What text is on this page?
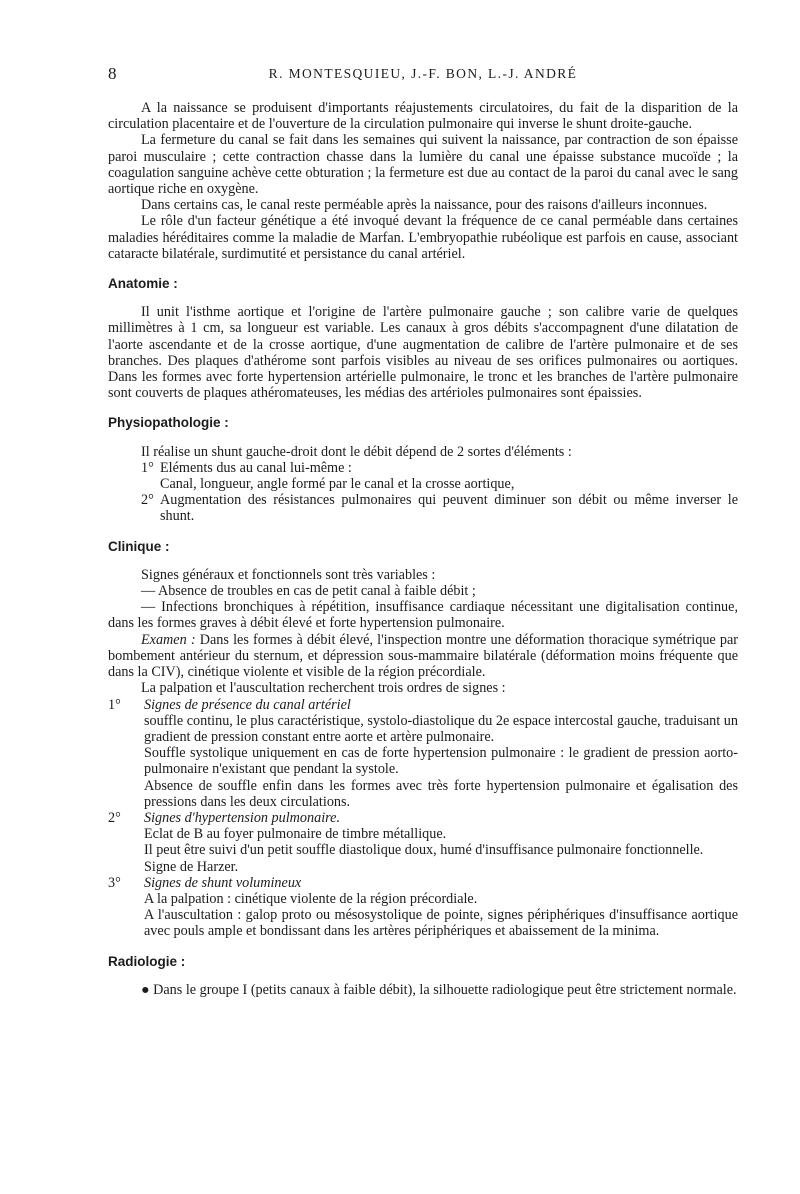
8	R. MONTESQUIEU, J.-F. BON, L.-J. ANDRÉ

A la naissance se produisent d'importants réajustements circulatoires, du fait de la disparition de la circulation placentaire et de l'ouverture de la circulation pulmonaire qui inverse le shunt droite-gauche.

La fermeture du canal se fait dans les semaines qui suivent la naissance, par contraction de son épaisse paroi musculaire ; cette contraction chasse dans la lumière du canal une épaisse substance mucoïde ; la coagulation sanguine achève cette obturation ; la fermeture est due au contact de la paroi du canal avec le sang aortique riche en oxygène.

Dans certains cas, le canal reste perméable après la naissance, pour des raisons d'ailleurs inconnues.

Le rôle d'un facteur génétique a été invoqué devant la fréquence de ce canal perméable dans certaines maladies héréditaires comme la maladie de Marfan. L'embryopathie rubéolique est parfois en cause, associant cataracte bilatérale, surdimutité et persistance du canal artériel.

Anatomie :

Il unit l'isthme aortique et l'origine de l'artère pulmonaire gauche ; son calibre varie de quelques millimètres à 1 cm, sa longueur est variable. Les canaux à gros débits s'accompagnent d'une dilatation de l'aorte ascendante et de la crosse aortique, d'une augmentation de calibre de l'artère pulmonaire et de ses branches. Des plaques d'athérome sont parfois visibles au niveau de ses orifices pulmonaires ou aortiques. Dans les formes avec forte hypertension artérielle pulmonaire, le tronc et les branches de l'artère pulmonaire sont couverts de plaques athéromateuses, les médias des artérioles pulmonaires sont épaissies.

Physiopathologie :

Il réalise un shunt gauche-droit dont le débit dépend de 2 sortes d'éléments :

1° Eléments dus au canal lui-même :

Canal, longueur, angle formé par le canal et la crosse aortique,

2° Augmentation des résistances pulmonaires qui peuvent diminuer son débit ou même inverser le shunt.

Clinique :

Signes généraux et fonctionnels sont très variables :

— Absence de troubles en cas de petit canal à faible débit ;

— Infections bronchiques à répétition, insuffisance cardiaque nécessitant une digitalisation continue, dans les formes graves à débit élevé et forte hypertension pulmonaire.

Examen : Dans les formes à débit élevé, l'inspection montre une déformation thoracique symétrique par bombement antérieur du sternum, et dépression sous-mammaire bilatérale (déformation moins fréquente que dans la CIV), cinétique violente et visible de la région précordiale.

La palpation et l'auscultation recherchent trois ordres de signes :

1° Signes de présence du canal artériel

souffle continu, le plus caractéristique, systolo-diastolique du 2e espace intercostal gauche, traduisant un gradient de pression constant entre aorte et artère pulmonaire.

Souffle systolique uniquement en cas de forte hypertension pulmonaire : le gradient de pression aorto-pulmonaire n'existant que pendant la systole.

Absence de souffle enfin dans les formes avec très forte hypertension pulmonaire et égalisation des pressions dans les deux circulations.

2° Signes d'hypertension pulmonaire.

Eclat de B au foyer pulmonaire de timbre métallique.

Il peut être suivi d'un petit souffle diastolique doux, humé d'insuffisance pulmonaire fonctionnelle.

Signe de Harzer.

3° Signes de shunt volumineux

A la palpation : cinétique violente de la région précordiale.

A l'auscultation : galop proto ou mésosystolique de pointe, signes périphériques d'insuffisance aortique avec pouls ample et bondissant dans les artères périphériques et abaissement de la minima.

Radiologie :

● Dans le groupe I (petits canaux à faible débit), la silhouette radiologique peut être strictement normale.
